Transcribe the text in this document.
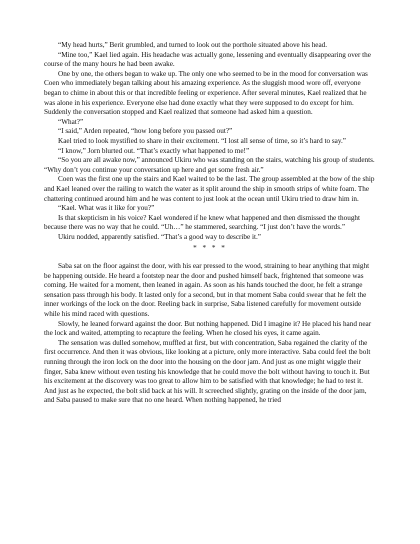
“My head hurts,” Berit grumbled, and turned to look out the porthole situated above his head.

“Mine too,” Kael lied again. His headache was actually gone, lessening and eventually disappearing over the course of the many hours he had been awake.

One by one, the others began to wake up. The only one who seemed to be in the mood for conversation was Coen who immediately began talking about his amazing experience. As the sluggish mood wore off, everyone began to chime in about this or that incredible feeling or experience. After several minutes, Kael realized that he was alone in his experience. Everyone else had done exactly what they were supposed to do except for him. Suddenly the conversation stopped and Kael realized that someone had asked him a question.

“What?”

“I said,” Arden repeated, “how long before you passed out?”

Kael tried to look mystified to share in their excitement. “I lost all sense of time, so it’s hard to say.”

“I know,” Jorn blurted out. “That’s exactly what happened to me!”

“So you are all awake now,” announced Ukiru who was standing on the stairs, watching his group of students. “Why don’t you continue your conversation up here and get some fresh air.”

Coen was the first one up the stairs and Kael waited to be the last. The group assembled at the bow of the ship and Kael leaned over the railing to watch the water as it split around the ship in smooth strips of white foam. The chattering continued around him and he was content to just look at the ocean until Ukiru tried to draw him in.

“Kael. What was it like for you?”

Is that skepticism in his voice? Kael wondered if he knew what happened and then dismissed the thought because there was no way that he could. “Uh…” he stammered, searching. “I just don’t have the words.”

Ukiru nodded, apparently satisfied. “That’s a good way to describe it.”

* * * *

Saba sat on the floor against the door, with his ear pressed to the wood, straining to hear anything that might be happening outside. He heard a footstep near the door and pushed himself back, frightened that someone was coming. He waited for a moment, then leaned in again. As soon as his hands touched the door, he felt a strange sensation pass through his body. It lasted only for a second, but in that moment Saba could swear that he felt the inner workings of the lock on the door. Reeling back in surprise, Saba listened carefully for movement outside while his mind raced with questions.

Slowly, he leaned forward against the door. But nothing happened. Did I imagine it? He placed his hand near the lock and waited, attempting to recapture the feeling. When he closed his eyes, it came again.

The sensation was dulled somehow, muffled at first, but with concentration, Saba regained the clarity of the first occurrence. And then it was obvious, like looking at a picture, only more interactive. Saba could feel the bolt running through the iron lock on the door into the housing on the door jam. And just as one might wiggle their finger, Saba knew without even testing his knowledge that he could move the bolt without having to touch it. But his excitement at the discovery was too great to allow him to be satisfied with that knowledge; he had to test it. And just as he expected, the bolt slid back at his will. It screeched slightly, grating on the inside of the door jam, and Saba paused to make sure that no one heard. When nothing happened, he tried
